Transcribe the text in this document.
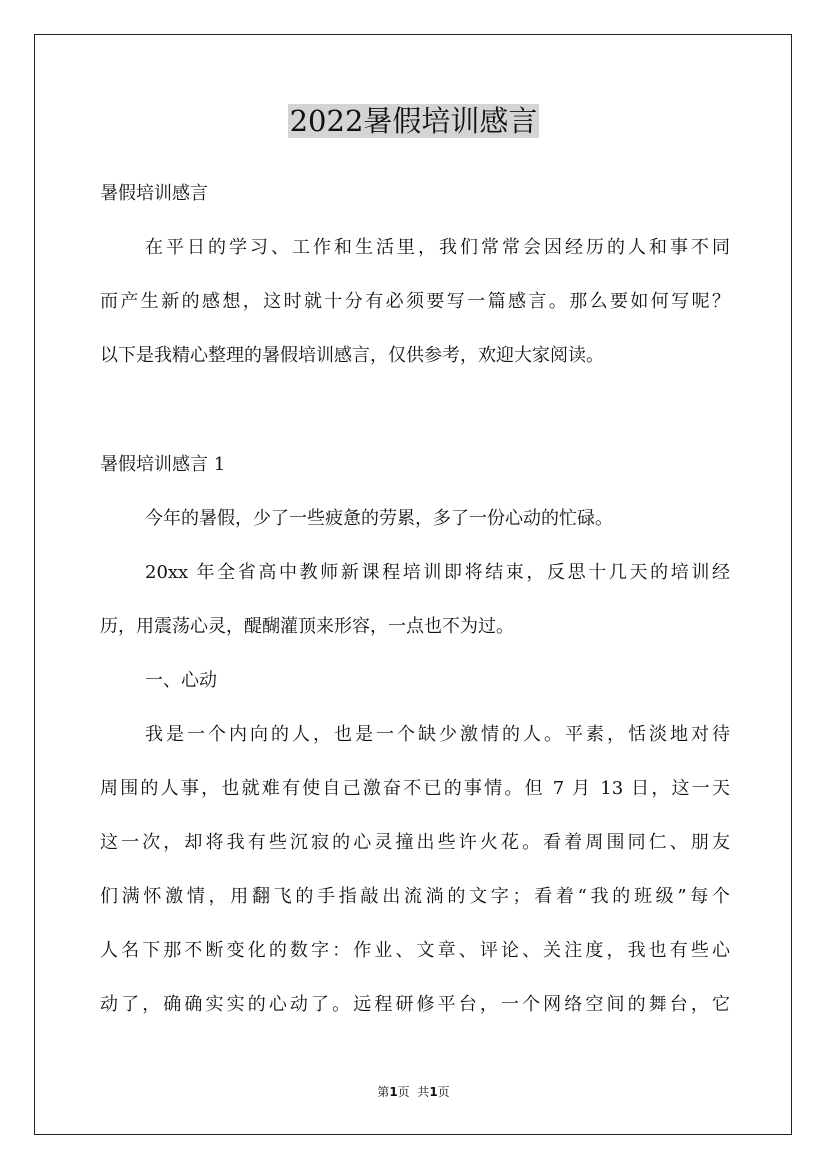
2022暑假培训感言

暑假培训感言

在平日的学习、工作和生活里，我们常常会因经历的人和事不同

而产生新的感想，这时就十分有必须要写一篇感言。那么要如何写呢？

以下是我精心整理的暑假培训感言，仅供参考，欢迎大家阅读。

暑假培训感言 1

今年的暑假，少了一些疲惫的劳累，多了一份心动的忙碌。

20xx 年全省高中教师新课程培训即将结束，反思十几天的培训经

历，用震荡心灵，醍醐灌顶来形容，一点也不为过。

一、心动

我是一个内向的人，也是一个缺少激情的人。平素，恬淡地对待

周围的人事，也就难有使自己激奋不已的事情。但 7 月 13 日，这一天

这一次，却将我有些沉寂的心灵撞出些许火花。看着周围同仁、朋友

们满怀激情，用翻飞的手指敲出流淌的文字；看着“我的班级”每个

人名下那不断变化的数字：作业、文章、评论、关注度，我也有些心

动了，确确实实的心动了。远程研修平台，一个网络空间的舞台，它

第1页  共1页
